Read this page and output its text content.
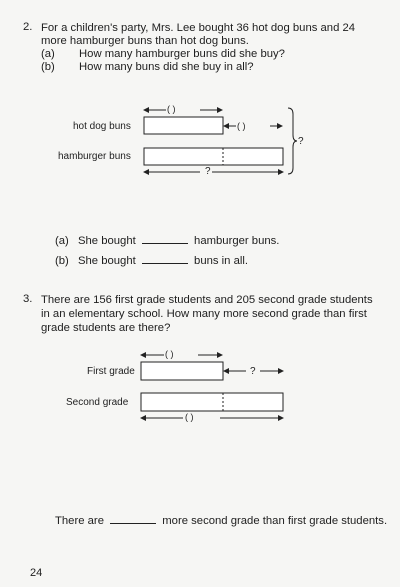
2. For a children's party, Mrs. Lee bought 36 hot dog buns and 24
more hamburger buns than hot dog buns.
(a) How many hamburger buns did she buy?
(b) How many buns did she buy in all?
hot dog buns
hamburger buns
( )
( )
?
?
(a) She bought	hamburger buns.
(b) She bought	buns in all.
3. There are 156 first grade students and 205 second grade students
in an elementary school. How many more second grade than first
grade students are there?
First grade
Second grade
( )
?
( )
There are	more second grade than first grade students.
24
